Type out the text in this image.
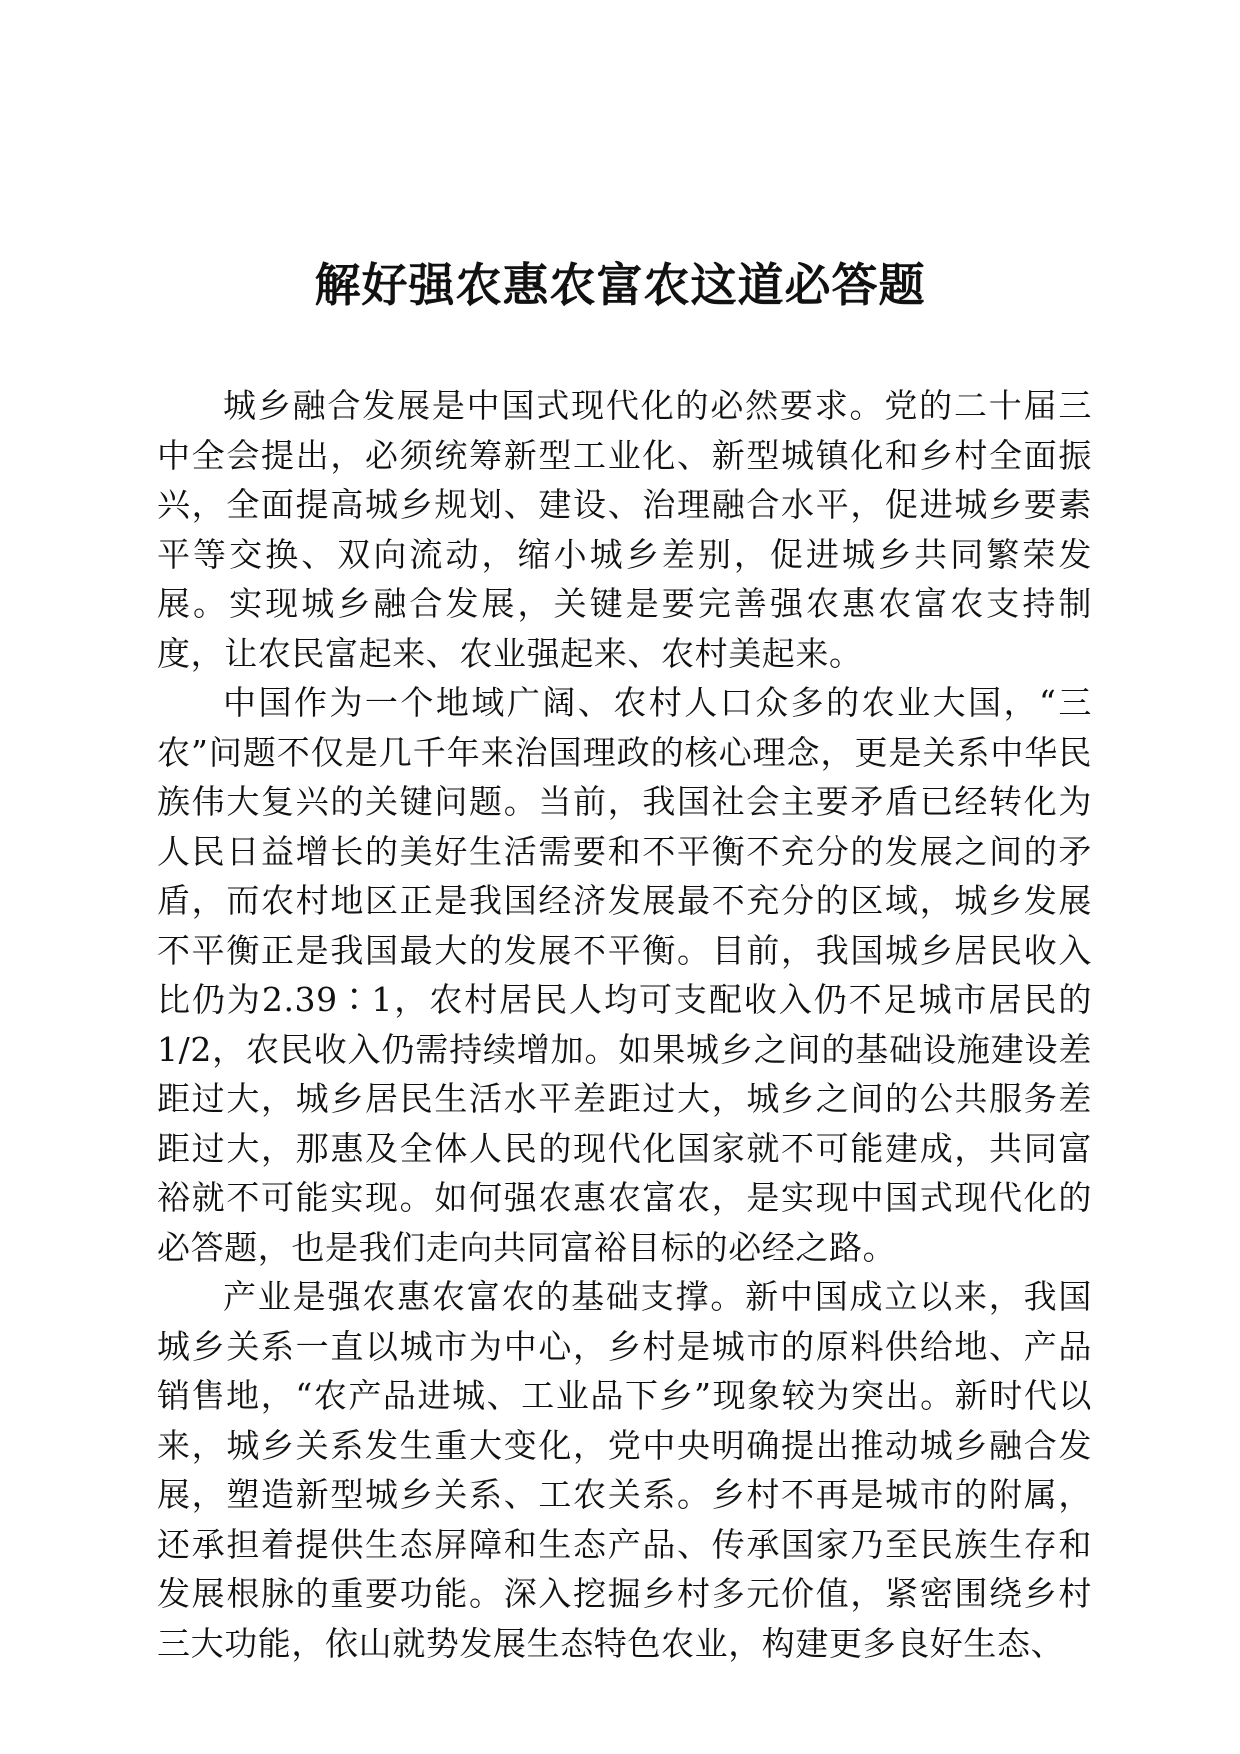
解好强农惠农富农这道必答题

城乡融合发展是中国式现代化的必然要求。党的二十届三中全会提出，必须统筹新型工业化、新型城镇化和乡村全面振兴，全面提高城乡规划、建设、治理融合水平，促进城乡要素平等交换、双向流动，缩小城乡差别，促进城乡共同繁荣发展。实现城乡融合发展，关键是要完善强农惠农富农支持制度，让农民富起来、农业强起来、农村美起来。

中国作为一个地域广阔、农村人口众多的农业大国，“三农”问题不仅是几千年来治国理政的核心理念，更是关系中华民族伟大复兴的关键问题。当前，我国社会主要矛盾已经转化为人民日益增长的美好生活需要和不平衡不充分的发展之间的矛盾，而农村地区正是我国经济发展最不充分的区域，城乡发展不平衡正是我国最大的发展不平衡。目前，我国城乡居民收入比仍为2.39∶1，农村居民人均可支配收入仍不足城市居民的1/2，农民收入仍需持续增加。如果城乡之间的基础设施建设差距过大，城乡居民生活水平差距过大，城乡之间的公共服务差距过大，那惠及全体人民的现代化国家就不可能建成，共同富裕就不可能实现。如何强农惠农富农，是实现中国式现代化的必答题，也是我们走向共同富裕目标的必经之路。

产业是强农惠农富农的基础支撑。新中国成立以来，我国城乡关系一直以城市为中心，乡村是城市的原料供给地、产品销售地，“农产品进城、工业品下乡”现象较为突出。新时代以来，城乡关系发生重大变化，党中央明确提出推动城乡融合发展，塑造新型城乡关系、工农关系。乡村不再是城市的附属，还承担着提供生态屏障和生态产品、传承国家乃至民族生存和发展根脉的重要功能。深入挖掘乡村多元价值，紧密围绕乡村三大功能，依山就势发展生态特色农业，构建更多良好生态、
